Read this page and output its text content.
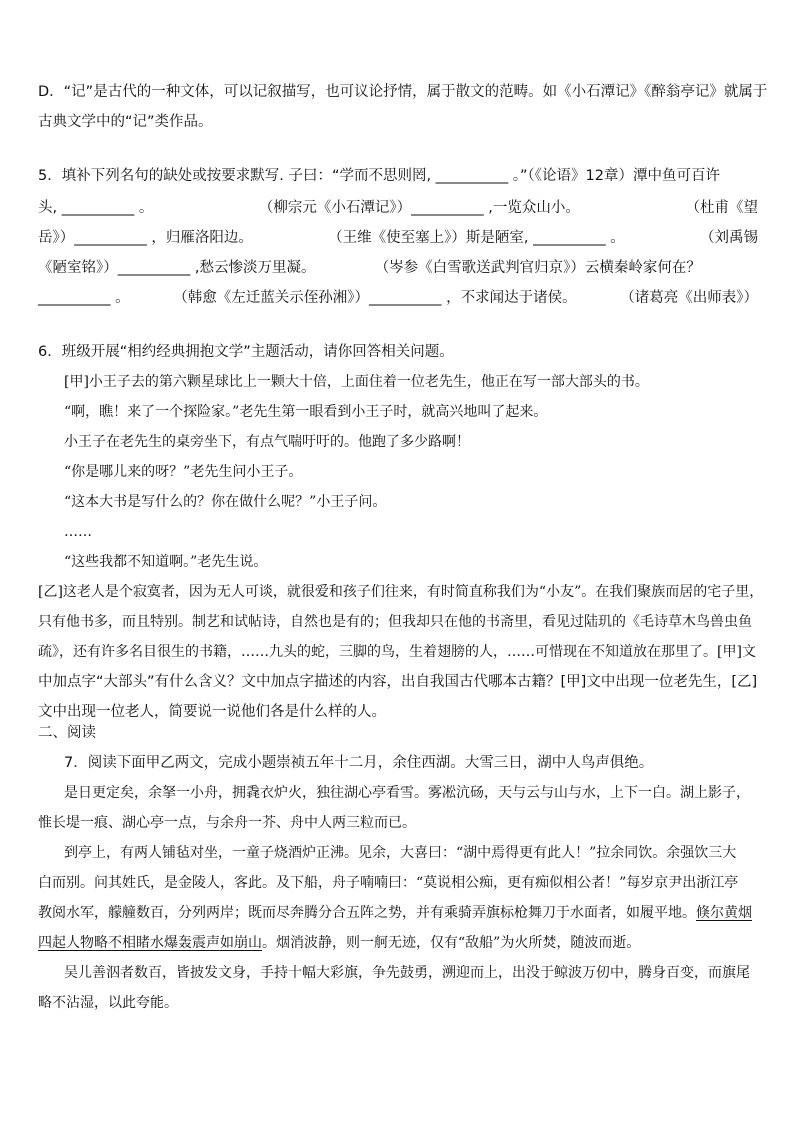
D．“记”是古代的一种文体，可以记叙描写，也可议论抒情，属于散文的范畴。如《小石潭记》《醉翁亭记》就属于
古典文学中的“记”类作品。
5．填补下列名句的缺处或按要求默写. 子曰：“学而不思则罔, __________ 。”（《论语》12章）潭中鱼可百许
头, __________ 。	（柳宗元《小石潭记》）__________ ,一览众山小。	（杜甫《望
岳》）__________ ，归雁洛阳边。	（王维《使至塞上》）斯是陋室, __________ 。	（刘禹锡
《陋室铭》）__________ ,愁云惨淡万里凝。	（岑参《白雪歌送武判官归京》）云横秦岭家何在？
__________ 。	（韩愈《左迁蓝关示侄孙湘》）__________ ，不求闻达于诸侯。	（诸葛亮《出师表》）
6．班级开展“相约经典拥抱文学”主题活动，请你回答相关问题。
[甲]小王子去的第六颗星球比上一颗大十倍，上面住着一位老先生，他正在写一部大部头的书。
“啊，瞧！来了一个探险家。”老先生第一眼看到小王子时，就高兴地叫了起来。
小王子在老先生的桌旁坐下，有点气喘吁吁的。他跑了多少路啊！
“你是哪儿来的呀？”老先生问小王子。
“这本大书是写什么的？你在做什么呢？”小王子问。
……
“这些我都不知道啊。”老先生说。
[乙]这老人是个寂寞者，因为无人可谈，就很爱和孩子们往来，有时简直称我们为“小友”。在我们聚族而居的宅子里，
只有他书多，而且特别。制艺和试帖诗，自然也是有的；但我却只在他的书斋里，看见过陆玑的《毛诗草木鸟兽虫鱼
疏》，还有许多名目很生的书籍，……九头的蛇，三脚的鸟，生着翅膀的人，……可惜现在不知道放在那里了。[甲]文
中加点字“大部头”有什么含义？文中加点字描述的内容，出自我国古代哪本古籍？[甲]文中出现一位老先生，[乙]
文中出现一位老人，简要说一说他们各是什么样的人。
二、阅读
7．阅读下面甲乙两文，完成小题崇祯五年十二月，余住西湖。大雪三日，湖中人鸟声俱绝。
是日更定矣，余拏一小舟，拥毳衣炉火，独往湖心亭看雪。雾凇沆砀，天与云与山与水，上下一白。湖上影子，
惟长堤一痕、湖心亭一点，与余舟一芥、舟中人两三粒而已。
到亭上，有两人铺毡对坐，一童子烧酒炉正沸。见余，大喜曰：“湖中焉得更有此人！”拉余同饮。余强饮三大
白而别。问其姓氏，是金陵人，客此。及下船，舟子喃喃曰：“莫说相公痴，更有痴似相公者！”每岁京尹出浙江亭
教阅水军，艨艟数百，分列两岸；既而尽奔腾分合五阵之势，并有乘骑弄旗标枪舞刀于水面者，如履平地。倏尔黄烟
四起人物略不相睹水爆轰震声如崩山。烟消波静，则一舸无迹，仅有“敌船”为火所焚，随波而逝。
吴儿善泅者数百，皆披发文身，手持十幅大彩旗，争先鼓勇，溯迎而上，出没于鲸波万仞中，腾身百变，而旗尾
略不沾湿，以此夸能。
